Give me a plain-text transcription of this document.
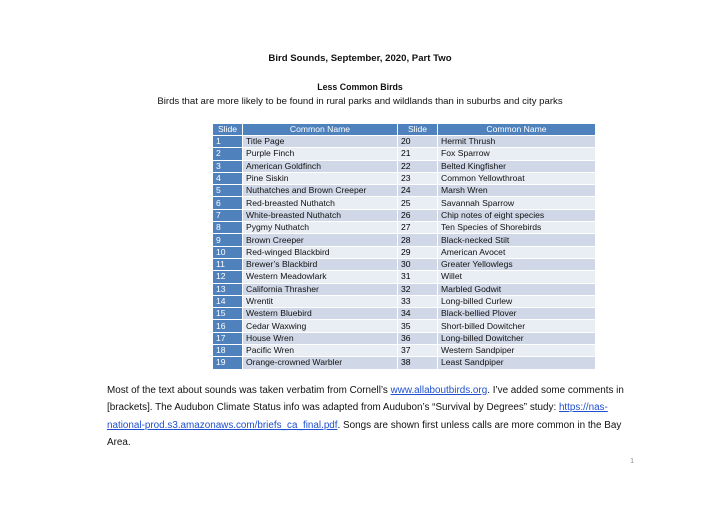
Bird Sounds, September, 2020, Part Two
Less Common Birds
Birds that are more likely to be found in rural parks and wildlands than in suburbs and city parks
Slide	Common Name	Slide	Common Name
1	Title Page	20	Hermit Thrush
2	Purple Finch	21	Fox Sparrow
3	American Goldfinch	22	Belted Kingfisher
4	Pine Siskin	23	Common Yellowthroat
5	Nuthatches and Brown Creeper	24	Marsh Wren
6	Red-breasted Nuthatch	25	Savannah Sparrow
7	White-breasted Nuthatch	26	Chip notes of eight species
8	Pygmy Nuthatch	27	Ten Species of Shorebirds
9	Brown Creeper	28	Black-necked Stilt
10	Red-winged Blackbird	29	American Avocet
11	Brewer’s Blackbird	30	Greater Yellowlegs
12	Western Meadowlark	31	Willet
13	California Thrasher	32	Marbled Godwit
14	Wrentit	33	Long-billed Curlew
15	Western Bluebird	34	Black-bellied Plover
16	Cedar Waxwing	35	Short-billed Dowitcher
17	House Wren	36	Long-billed Dowitcher
18	Pacific Wren	37	Western Sandpiper
19	Orange-crowned Warbler	38	Least Sandpiper
Most of the text about sounds was taken verbatim from Cornell’s www.allaboutbirds.org. I’ve added some comments in [brackets]. The Audubon Climate Status info was adapted from Audubon’s “Survival by Degrees” study: https://nas-national-prod.s3.amazonaws.com/briefs_ca_final.pdf. Songs are shown first unless calls are more common in the Bay Area.
1
